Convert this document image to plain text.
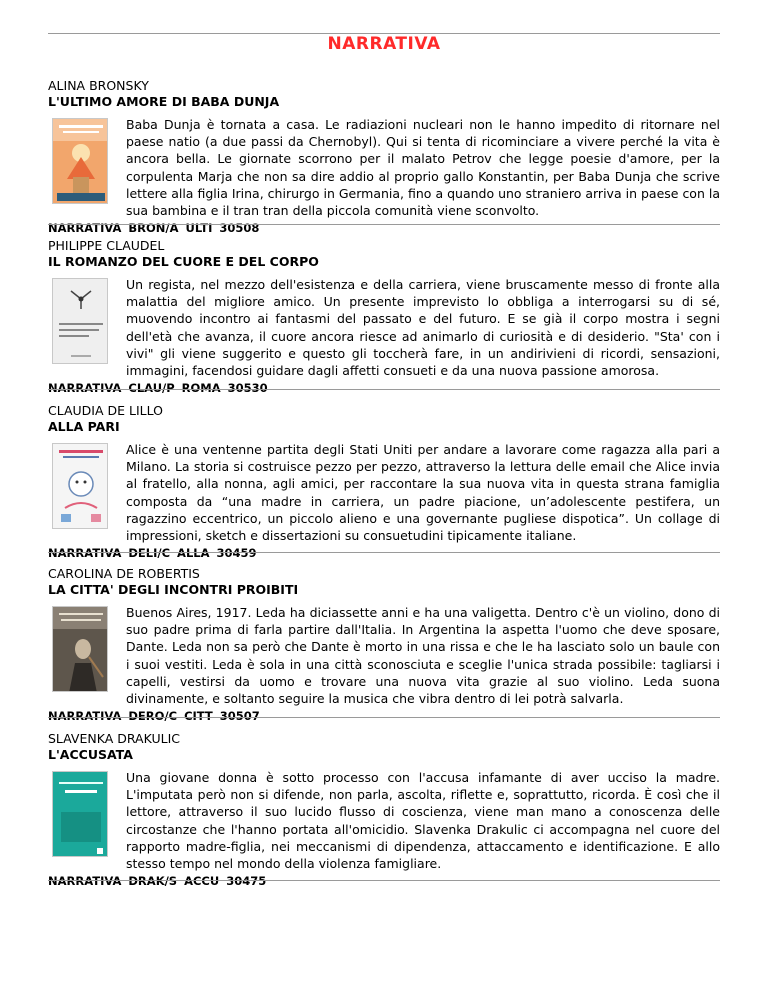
NARRATIVA
ALINA BRONSKY
L'ULTIMO AMORE DI BABA DUNJA
Baba Dunja è tornata a casa. Le radiazioni nucleari non le hanno impedito di ritornare nel paese natio (a due passi da Chernobyl). Qui si tenta di ricominciare a vivere perché la vita è ancora bella. Le giornate scorrono per il malato Petrov che legge poesie d'amore, per la corpulenta Marja che non sa dire addio al proprio gallo Konstantin, per Baba Dunja che scrive lettere alla figlia Irina, chirurgo in Germania, fino a quando uno straniero arriva in paese con la sua bambina e il tran tran della piccola comunità viene sconvolto.
NARRATIVA BRON/A ULTI 30508
PHILIPPE CLAUDEL
IL ROMANZO DEL CUORE E DEL CORPO
Un regista, nel mezzo dell'esistenza e della carriera, viene bruscamente messo di fronte alla malattia del migliore amico. Un presente imprevisto lo obbliga a interrogarsi su di sé, muovendo incontro ai fantasmi del passato e del futuro. E se già il corpo mostra i segni dell'età che avanza, il cuore ancora riesce ad animarlo di curiosità e di desiderio. "Sta' con i vivi" gli viene suggerito e questo gli toccherà fare, in un andirivieni di ricordi, sensazioni, immagini, facendosi guidare dagli affetti consueti e da una nuova passione amorosa.
NARRATIVA CLAU/P ROMA 30530
CLAUDIA DE LILLO
ALLA PARI
Alice è una ventenne partita degli Stati Uniti per andare a lavorare come ragazza alla pari a Milano. La storia si costruisce pezzo per pezzo, attraverso la lettura delle email che Alice invia al fratello, alla nonna, agli amici, per raccontare la sua nuova vita in questa strana famiglia composta da “una madre in carriera, un padre piacione, un’adolescente pestifera, un ragazzino eccentrico, un piccolo alieno e una governante pugliese dispotica”. Un collage di impressioni, sketch e dissertazioni su consuetudini tipicamente italiane.
NARRATIVA DELI/C ALLA 30459
CAROLINA DE ROBERTIS
LA CITTA' DEGLI INCONTRI PROIBITI
Buenos Aires, 1917. Leda ha diciassette anni e ha una valigetta. Dentro c'è un violino, dono di suo padre prima di farla partire dall'Italia. In Argentina la aspetta l'uomo che deve sposare, Dante. Leda non sa però che Dante è morto in una rissa e che le ha lasciato solo un baule con i suoi vestiti. Leda è sola in una città sconosciuta e sceglie l'unica strada possibile: tagliarsi i capelli, vestirsi da uomo e trovare una nuova vita grazie al suo violino. Leda suona divinamente, e soltanto seguire la musica che vibra dentro di lei potrà salvarla.
NARRATIVA DERO/C CITT 30507
SLAVENKA DRAKULIC
L'ACCUSATA
Una giovane donna è sotto processo con l'accusa infamante di aver ucciso la madre. L'imputata però non si difende, non parla, ascolta, riflette e, soprattutto, ricorda. È così che il lettore, attraverso il suo lucido flusso di coscienza, viene man mano a conoscenza delle circostanze che l'hanno portata all'omicidio. Slavenka Drakulic ci accompagna nel cuore del rapporto madre-figlia, nei meccanismi di dipendenza, attaccamento e identificazione. E allo stesso tempo nel mondo della violenza famigliare.
NARRATIVA DRAK/S ACCU 30475
